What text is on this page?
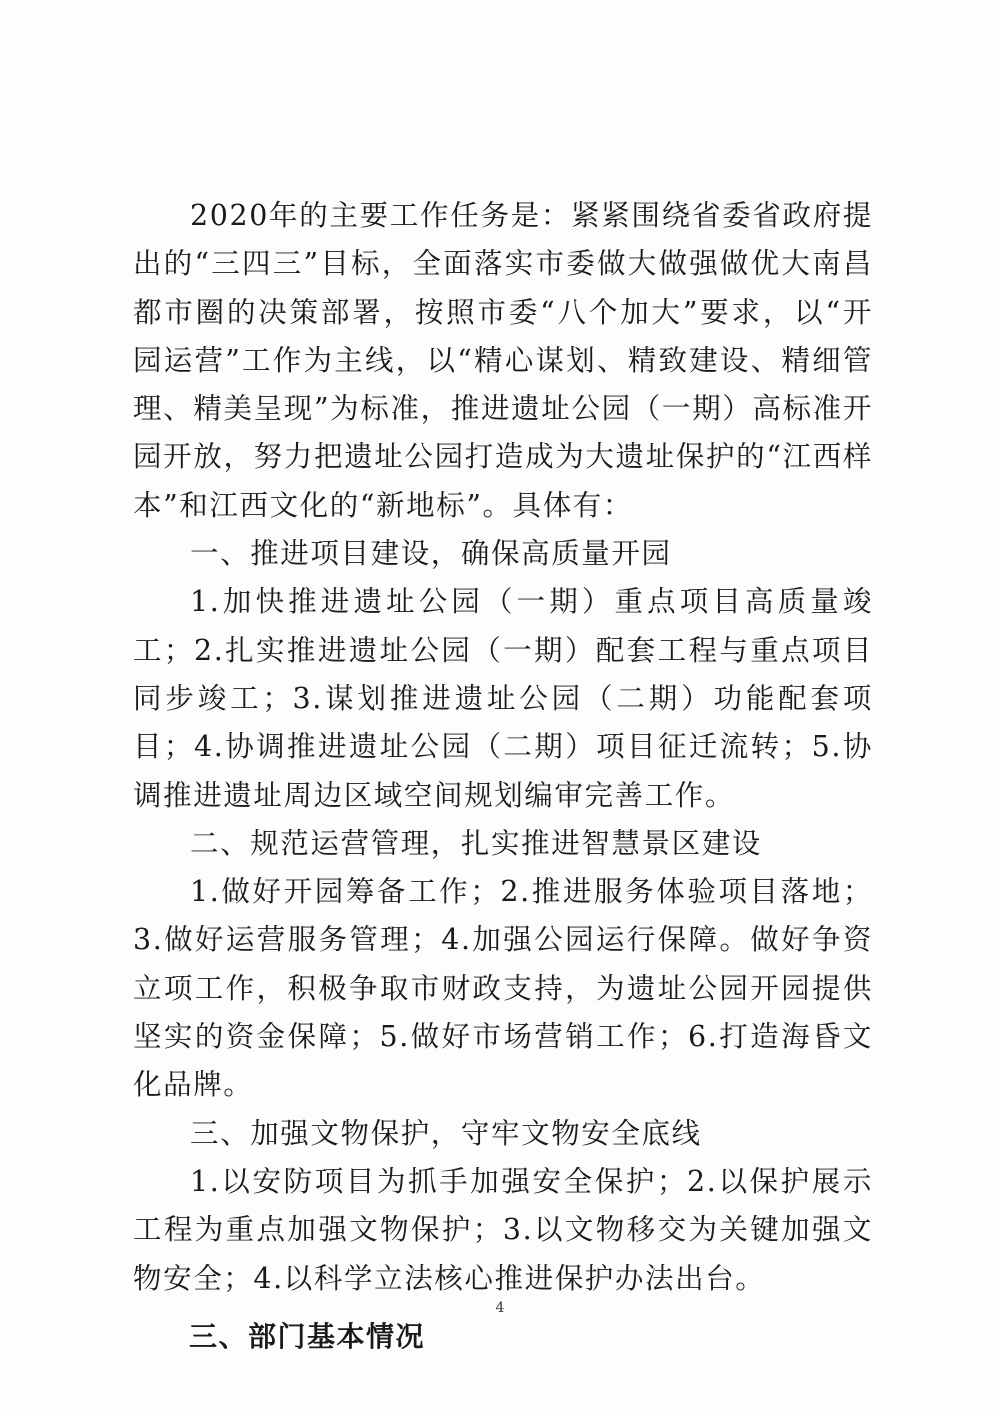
2020年的主要工作任务是：紧紧围绕省委省政府提出的“三四三”目标，全面落实市委做大做强做优大南昌都市圈的决策部署，按照市委“八个加大”要求，以“开园运营”工作为主线，以“精心谋划、精致建设、精细管理、精美呈现”为标准，推进遗址公园（一期）高标准开园开放，努力把遗址公园打造成为大遗址保护的“江西样本”和江西文化的“新地标”。具体有：

一、推进项目建设，确保高质量开园

1.加快推进遗址公园（一期）重点项目高质量竣工；2.扎实推进遗址公园（一期）配套工程与重点项目同步竣工；3.谋划推进遗址公园（二期）功能配套项目；4.协调推进遗址公园（二期）项目征迁流转；5.协调推进遗址周边区域空间规划编审完善工作。

二、规范运营管理，扎实推进智慧景区建设

1.做好开园筹备工作；2.推进服务体验项目落地；3.做好运营服务管理；4.加强公园运行保障。做好争资立项工作，积极争取市财政支持，为遗址公园开园提供坚实的资金保障；5.做好市场营销工作；6.打造海昏文化品牌。

三、加强文物保护，守牢文物安全底线

1.以安防项目为抓手加强安全保护；2.以保护展示工程为重点加强文物保护；3.以文物移交为关键加强文物安全；4.以科学立法核心推进保护办法出台。

三、部门基本情况

4
